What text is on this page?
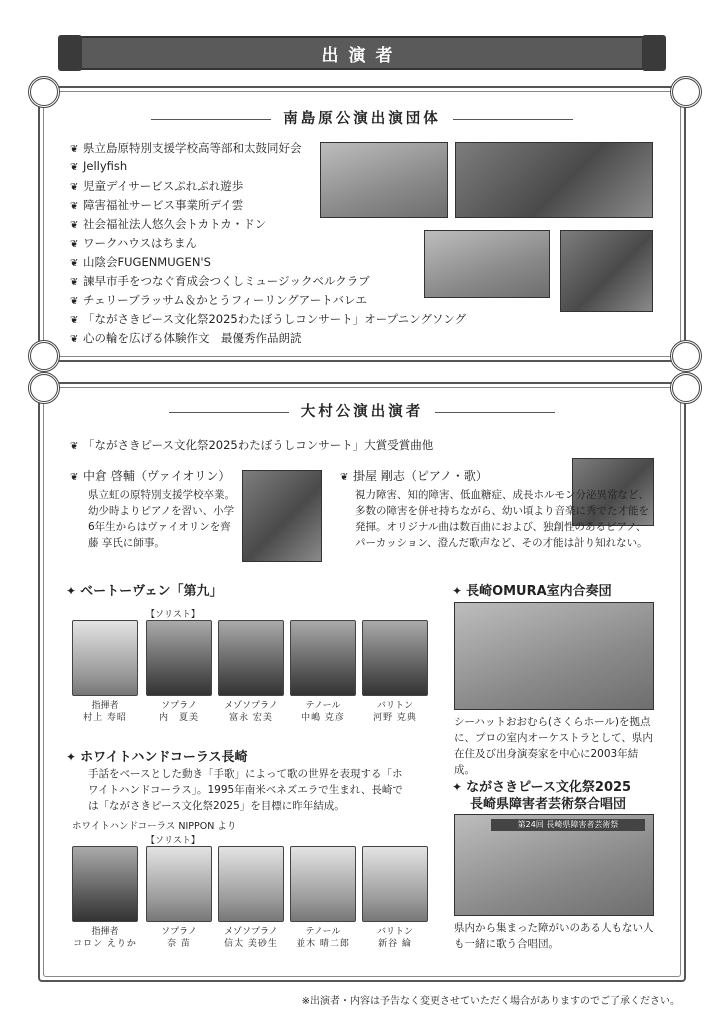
出演者
南島原公演出演団体
❦ 県立島原特別支援学校高等部和太鼓同好会
❦ Jellyfish
❦ 児童デイサービスぷれぷれ遊歩
❦ 障害福祉サービス事業所デイ雲
❦ 社会福祉法人悠久会トカトカ・ドン
❦ ワークハウスはちまん
❦ 山陰会FUGENMUGEN'S
❦ 諫早市手をつなぐ育成会つくしミュージックベルクラブ
❦ チェリーブラッサム＆かとうフィーリングアートバレエ
❦ 「ながさきピース文化祭2025わたぼうしコンサート」オープニングソング
❦ 心の輪を広げる体験作文　最優秀作品朗読
大村公演出演者
❦ 「ながさきピース文化祭2025わたぼうしコンサート」大賞受賞曲他
❦ 中倉 啓輔（ヴァイオリン）
県立虹の原特別支援学校卒業。幼少時よりピアノを習い、小学6年生からはヴァイオリンを齊藤 享氏に師事。
❦ 掛屋 剛志（ピアノ・歌）
視力障害、知的障害、低血糖症、成長ホルモン分泌異常など、多数の障害を併せ持ちながら、幼い頃より音楽に秀でた才能を発揮。オリジナル曲は数百曲におよび、独創性のあるピアノ、パーカッション、澄んだ歌声など、その才能は計り知れない。
✦ ベートーヴェン「第九」
【ソリスト】
指揮者
村上 寿昭
ソプラノ
内　夏美
メゾソプラノ
富永 宏美
テノール
中嶋 克彦
バリトン
河野 克典
✦ 長崎OMURA室内合奏団
シーハットおおむら(さくらホール)を拠点に、プロの室内オーケストラとして、県内在住及び出身演奏家を中心に2003年結成。
✦ ホワイトハンドコーラス長崎
手話をベースとした動き「手歌」によって歌の世界を表現する「ホワイトハンドコーラス」。1995年南米ベネズエラで生まれ、長崎では「ながさきピース文化祭2025」を目標に昨年結成。
ホワイトハンドコーラス NIPPON より
【ソリスト】
指揮者
コロン えりか
ソプラノ
奈 苗
メゾソプラノ
信太 美砂生
テノール
並木 晴二郎
バリトン
新谷 綸
✦ ながさきピース文化祭2025
長崎県障害者芸術祭合唱団
第24回 長崎県障害者芸術祭
県内から集まった障がいのある人もない人も一緒に歌う合唱団。
※出演者・内容は予告なく変更させていただく場合がありますのでご了承ください。
